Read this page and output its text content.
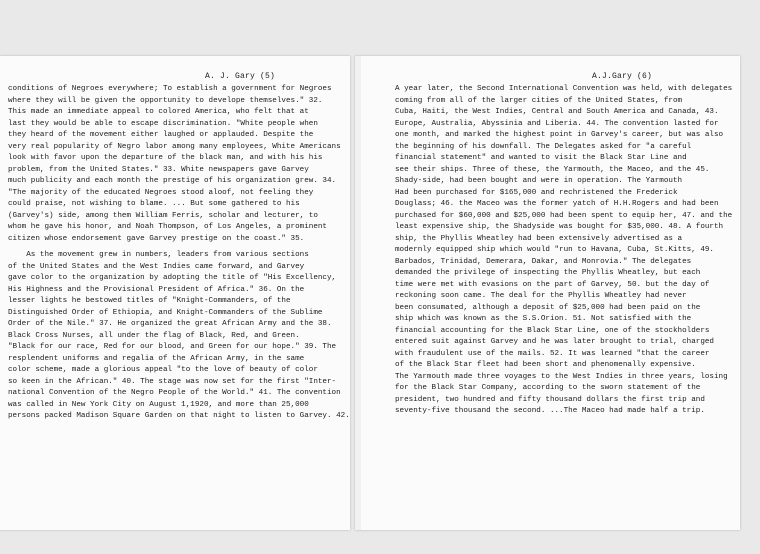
A. J. Gary (5)
conditions of Negroes everywhere; To establish a government for Negroes
where they will be given the opportunity to develope themselves." 32.
This made an immediate appeal to colored America, who felt that at
last they would be able to escape discrimination. "White people when
they heard of the movement either laughed or applauded. Despite the
very real popularity of Negro labor among many employees, White Americans
look with favor upon the departure of the black man, and with his his
problem, from the United States." 33. White newspapers gave Garvey
much publicity and each month the prestige of his organization grew. 34.
"The majority of the educated Negroes stood aloof, not feeling they
could praise, not wishing to blame. ... But some gathered to his
(Garvey's) side, among them William Ferris, scholar and lecturer, to
whom he gave his honor, and Noah Thompson, of Los Angeles, a prominent
citizen whose endorsement gave Garvey prestige on the coast." 35.
As the movement grew in numbers, leaders from various sections
of the United States and the West Indies came forward, and Garvey
gave color to the organization by adopting the title of "His Excellency,
His Highness and the Provisional President of Africa." 36. On the
lesser lights he bestowed titles of "Knight-Commanders, of the
Distinguished Order of Ethiopia, and Knight-Commanders of the Sublime
Order of the Nile." 37. He organized the great African Army and the 38.
Black Cross Nurses, all under the flag of Black, Red, and Green.
"Black for our race, Red for our blood, and Green for our hope." 39. The
resplendent uniforms and regalia of the African Army, in the same
color scheme, made a glorious appeal "to the love of beauty of color
so keen in the African." 40. The stage was now set for the first "Inter-
national Convention of the Negro People of the World." 41. The convention
was called in New York City on August 1,1920, and more than 25,000
persons packed Madison Square Garden on that night to listen to Garvey. 42.
A.J.Gary (6)
A year later, the Second International Convention was held, with delegates
coming from all of the larger cities of the United States, from
Cuba, Haiti, the West Indies, Central and South America and Canada, 43.
Europe, Australia, Abyssinia and Liberia. 44. The convention lasted for
one month, and marked the highest point in Garvey's career, but was also
the beginning of his downfall. The Delegates asked for "a careful
financial statement" and wanted to visit the Black Star Line and
see their ships. Three of these, the Yarmouth, the Maceo, and the 45.
Shady-side, had been bought and were in operation. The Yarmouth
Had been purchased for $165,000 and rechristened the Frederick
Douglass; 46. the Maceo was the former yatch of H.H.Rogers and had been
purchased for $60,000 and $25,000 had been spent to equip her, 47. and the
least expensive ship, the Shadyside was bought for $35,000. 48. A fourth
ship, the Phyllis Wheatley had been extensively advertised as a
modernly equipped ship which would "run to Havana, Cuba, St.Kitts, 49.
Barbados, Trinidad, Demerara, Dakar, and Monrovia." The delegates
demanded the privilege of inspecting the Phyllis Wheatley, but each
time were met with evasions on the part of Garvey, 50. but the day of
reckoning soon came. The deal for the Phyllis Wheatley had never
been consumated, although a deposit of $25,000 had been paid on the
ship which was known as the S.S.Orion. 51. Not satisfied with the
financial accounting for the Black Star Line, one of the stockholders
entered suit against Garvey and he was later brought to trial, charged
with fraudulent use of the mails. 52. It was learned "that the career
of the Black Star fleet had been short and phenomenally expensive.
The Yarmouth made three voyages to the West Indies in three years, losing
for the Black Star Company, according to the sworn statement of the
president, two hundred and fifty thousand dollars the first trip and
seventy-five thousand the second. ...The Maceo had made half a trip.
